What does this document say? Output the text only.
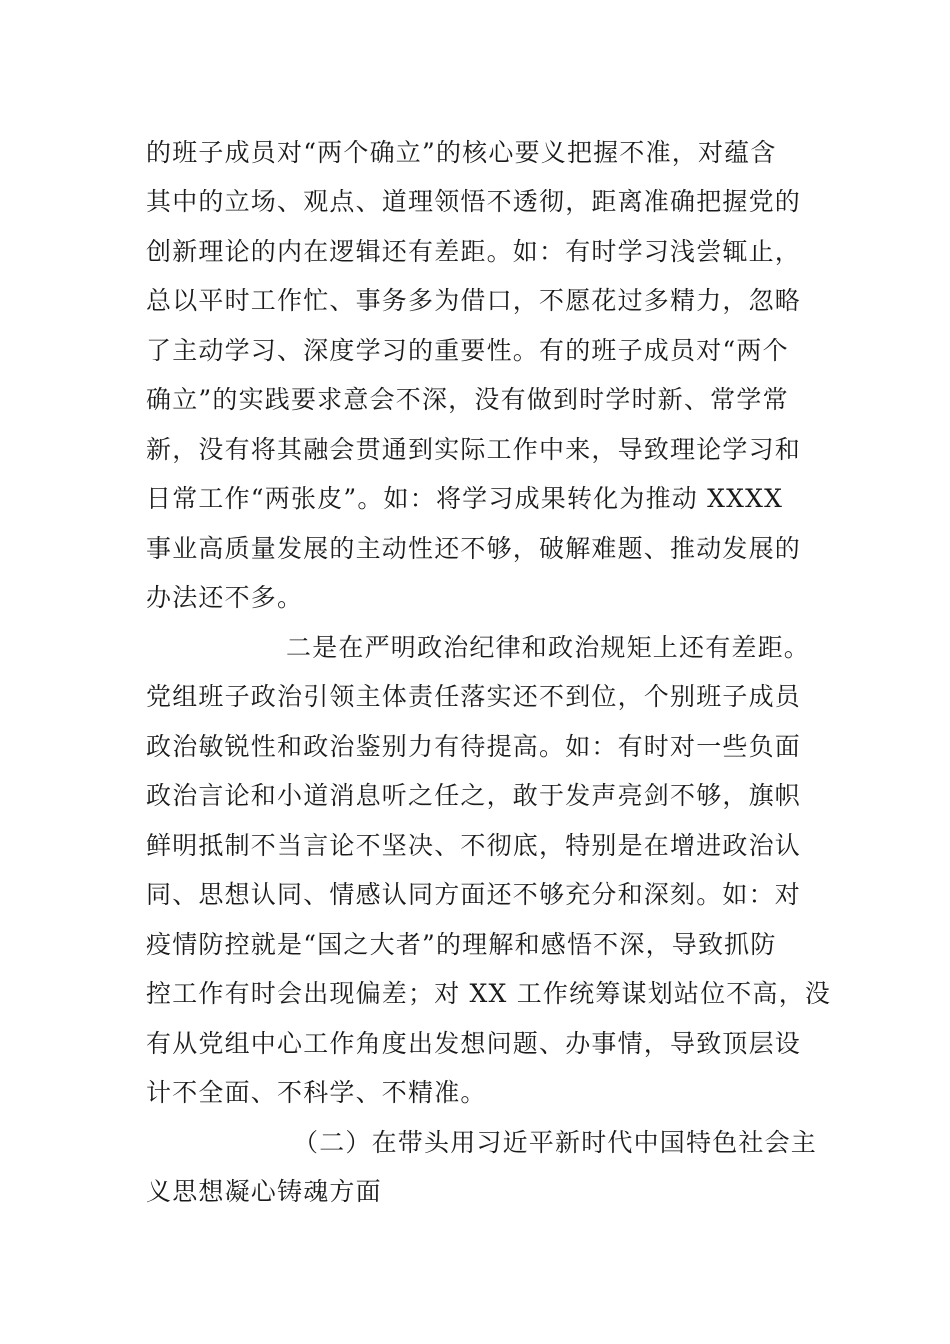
的班子成员对“两个确立”的核心要义把握不准，对蕴含
其中的立场、观点、道理领悟不透彻，距离准确把握党的
创新理论的内在逻辑还有差距。如：有时学习浅尝辄止，
总以平时工作忙、事务多为借口，不愿花过多精力，忽略
了主动学习、深度学习的重要性。有的班子成员对“两个
确立”的实践要求意会不深，没有做到时学时新、常学常
新，没有将其融会贯通到实际工作中来，导致理论学习和
日常工作“两张皮”。如：将学习成果转化为推动 XXXX
事业高质量发展的主动性还不够，破解难题、推动发展的
办法还不多。
二是在严明政治纪律和政治规矩上还有差距。
党组班子政治引领主体责任落实还不到位，个别班子成员
政治敏锐性和政治鉴别力有待提高。如：有时对一些负面
政治言论和小道消息听之任之，敢于发声亮剑不够，旗帜
鲜明抵制不当言论不坚决、不彻底，特别是在增进政治认
同、思想认同、情感认同方面还不够充分和深刻。如：对
疫情防控就是“国之大者”的理解和感悟不深，导致抓防
控工作有时会出现偏差；对 XX 工作统筹谋划站位不高，没
有从党组中心工作角度出发想问题、办事情，导致顶层设
计不全面、不科学、不精准。
（二）在带头用习近平新时代中国特色社会主
义思想凝心铸魂方面
